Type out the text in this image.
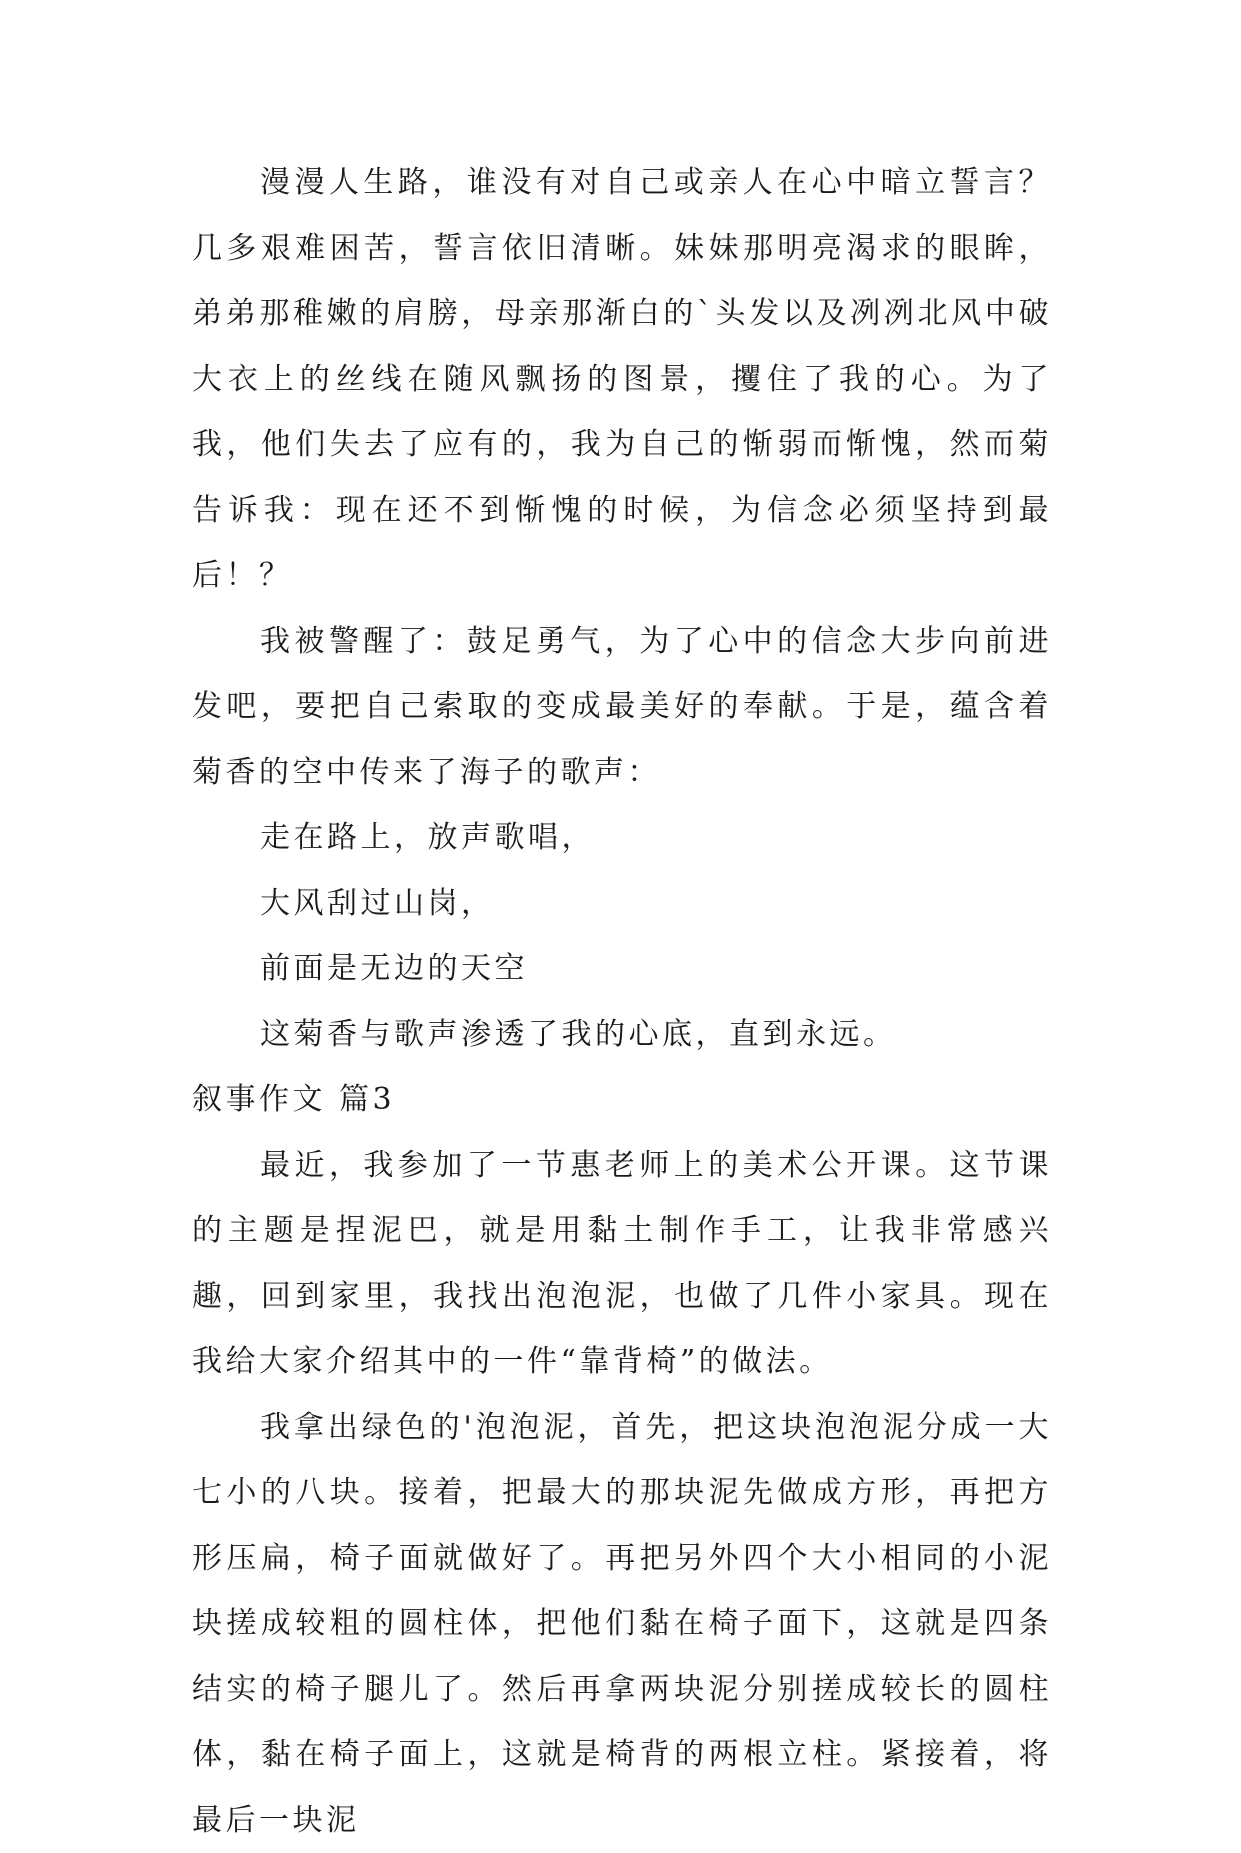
漫漫人生路，谁没有对自己或亲人在心中暗立誓言？几多艰难困苦，誓言依旧清晰。妹妹那明亮渴求的眼眸，弟弟那稚嫩的肩膀，母亲那渐白的`头发以及冽冽北风中破大衣上的丝线在随风飘扬的图景，攫住了我的心。为了我，他们失去了应有的，我为自己的惭弱而惭愧，然而菊告诉我：现在还不到惭愧的时候，为信念必须坚持到最后！？

我被警醒了：鼓足勇气，为了心中的信念大步向前进发吧，要把自己索取的变成最美好的奉献。于是，蕴含着菊香的空中传来了海子的歌声：

走在路上，放声歌唱，

大风刮过山岗，

前面是无边的天空

这菊香与歌声渗透了我的心底，直到永远。

叙事作文 篇3

最近，我参加了一节惠老师上的美术公开课。这节课的主题是捏泥巴，就是用黏土制作手工，让我非常感兴趣，回到家里，我找出泡泡泥，也做了几件小家具。现在我给大家介绍其中的一件“靠背椅”的做法。

我拿出绿色的'泡泡泥，首先，把这块泡泡泥分成一大七小的八块。接着，把最大的那块泥先做成方形，再把方形压扁，椅子面就做好了。再把另外四个大小相同的小泥块搓成较粗的圆柱体，把他们黏在椅子面下，这就是四条结实的椅子腿儿了。然后再拿两块泥分别搓成较长的圆柱体，黏在椅子面上，这就是椅背的两根立柱。紧接着，将最后一块泥
